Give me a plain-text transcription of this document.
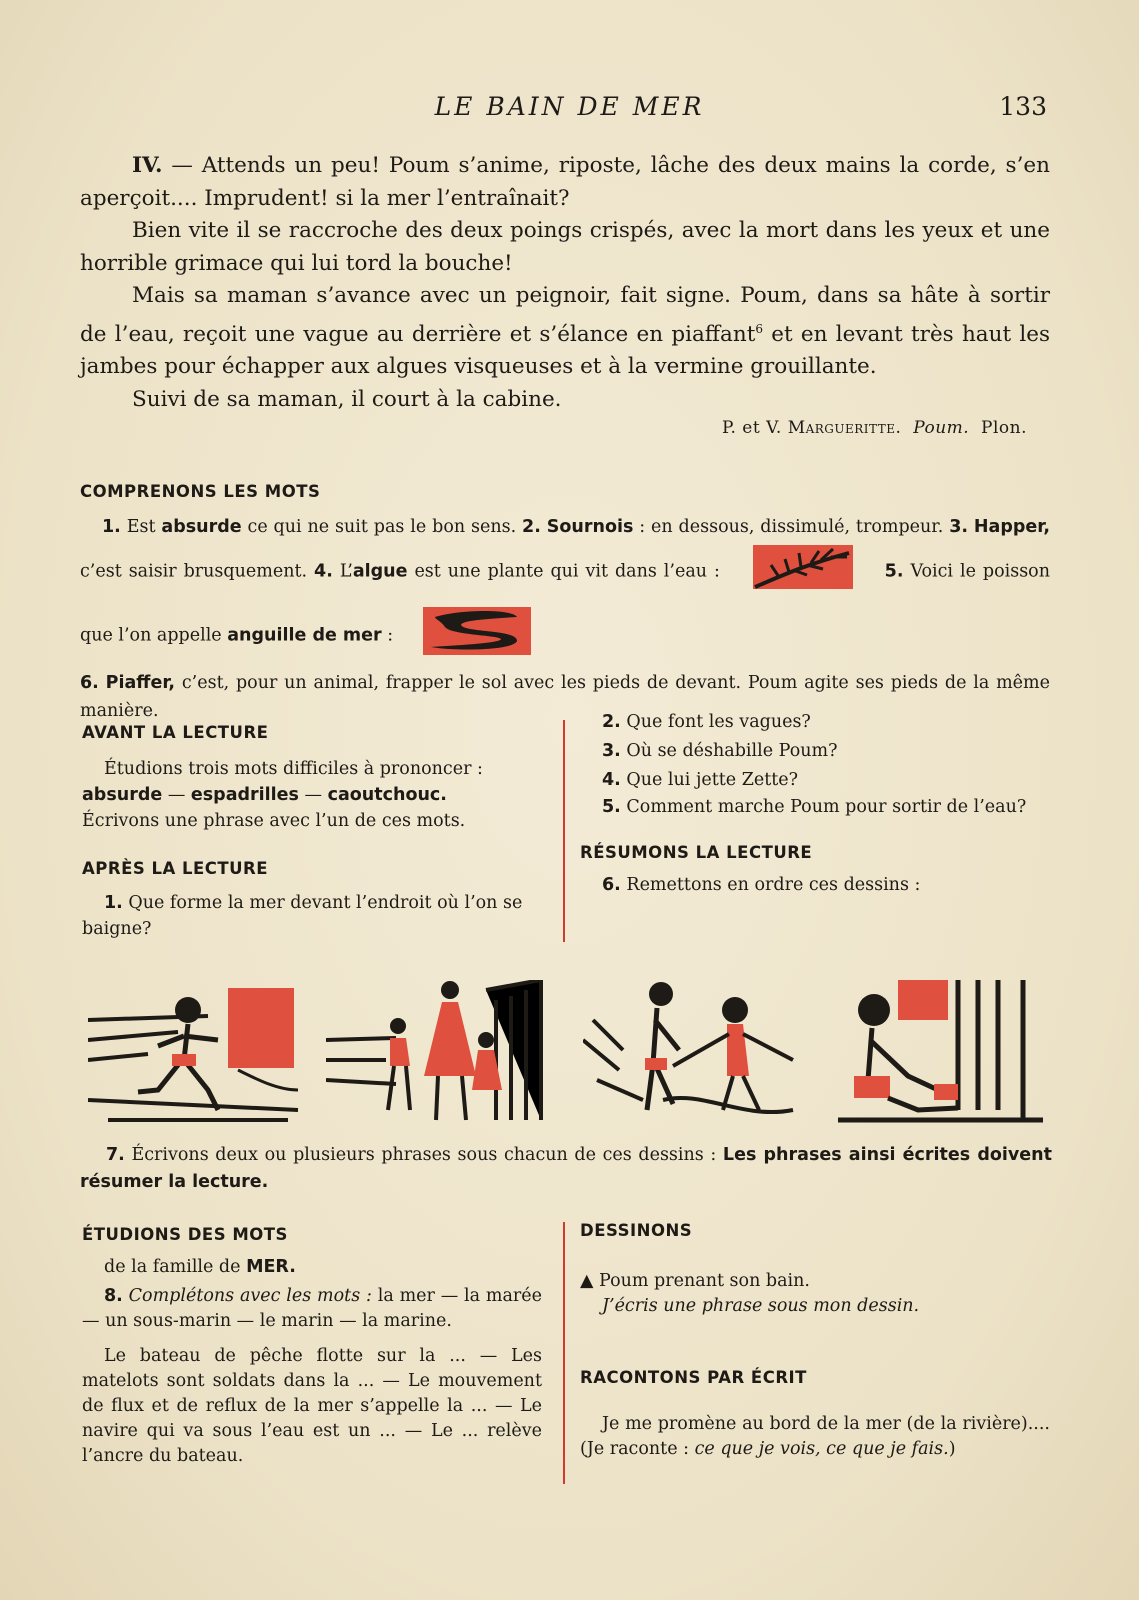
LE BAIN DE MER	133

IV. — Attends un peu! Poum s’anime, riposte, lâche des deux mains la corde, s’en aperçoit.... Imprudent! si la mer l’entraînait?

Bien vite il se raccroche des deux poings crispés, avec la mort dans les yeux et une horrible grimace qui lui tord la bouche!

Mais sa maman s’avance avec un peignoir, fait signe. Poum, dans sa hâte à sortir de l’eau, reçoit une vague au derrière et s’élance en piaffant$^6$ et en levant très haut les jambes pour échapper aux algues visqueuses et à la vermine grouillante.

Suivi de sa maman, il court à la cabine.

P. et V. Margueritte. Poum. Plon.
COMPRENONS LES MOTS
1. Est absurde ce qui ne suit pas le bon sens. 2. Sournois : en dessous, dissimulé, trompeur. 3. Happer, c’est saisir brusquement. 4. L’algue est une plante qui vit dans l’eau :	5. Voici le poisson que l’on appelle anguille de mer :
6. Piaffer, c’est, pour un animal, frapper le sol avec les pieds de devant. Poum agite ses pieds de la même manière.
AVANT LA LECTURE
Étudions trois mots difficiles à prononcer :
absurde — espadrilles — caoutchouc.
Écrivons une phrase avec l’un de ces mots.
APRÈS LA LECTURE
1. Que forme la mer devant l’endroit où l’on se baigne?
2. Que font les vagues?
3. Où se déshabille Poum?
4. Que lui jette Zette?
5. Comment marche Poum pour sortir de l’eau?
RÉSUMONS LA LECTURE
6. Remettons en ordre ces dessins :
7. Écrivons deux ou plusieurs phrases sous chacun de ces dessins : Les phrases ainsi écrites doivent résumer la lecture.
ÉTUDIONS DES MOTS
de la famille de MER.
8. Complétons avec les mots : la mer — la marée — un sous-marin — le marin — la marine.
Le bateau de pêche flotte sur la ... — Les matelots sont soldats dans la ... — Le mouvement de flux et de reflux de la mer s’appelle la ... — Le navire qui va sous l’eau est un ... — Le ... relève l’ancre du bateau.
DESSINONS
▲ Poum prenant son bain.
J’écris une phrase sous mon dessin.
RACONTONS PAR ÉCRIT
Je me promène au bord de la mer (de la rivière).... (Je raconte : ce que je vois, ce que je fais.)
